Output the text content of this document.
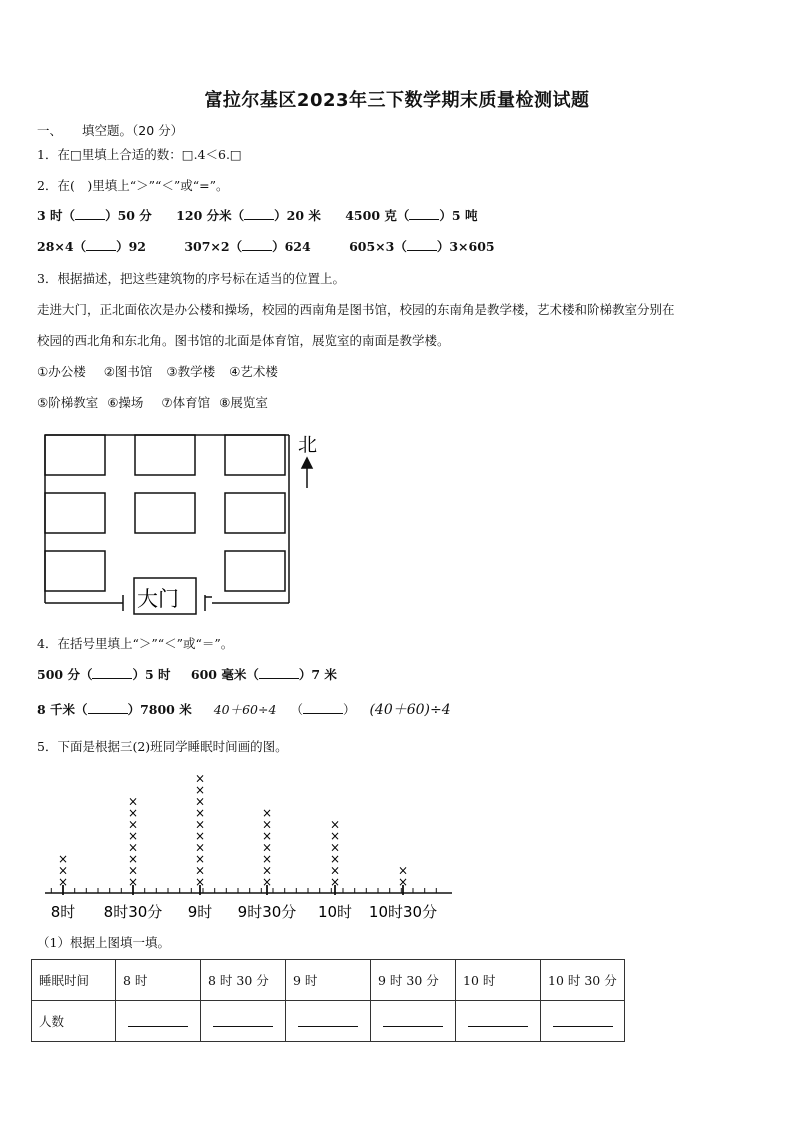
富拉尔基区2023年三下数学期末质量检测试题
一、 填空题。（20 分）
1．在□里填上合适的数：□.4＜6.□
2．在(　)里填上“＞”“＜”或“=”。
3 时（ ）50 分 120 分米（ ）20 米 4500 克（ ）5 吨
28×4（ ）92	307×2（ ）624	605×3（ ）3×605
3．根据描述，把这些建筑物的序号标在适当的位置上。
走进大门，正北面依次是办公楼和操场，校园的西南角是图书馆，校园的东南角是教学楼，艺术楼和阶梯教室分别在
校园的西北角和东北角。图书馆的北面是体育馆，展览室的南面是教学楼。
①办公楼 ②图书馆 ③教学楼 ④艺术楼
⑤阶梯教室 ⑥操场 ⑦体育馆 ⑧展览室
北
大门
4．在括号里填上“＞”“＜”或“＝”。
500 分（	）5 时 600 毫米（	）7 米
8 千米（	）7800 米 40＋60÷4 （	） (40＋60)÷4
5．下面是根据三(2)班同学睡眠时间画的图。
8时
×
×
×
8时30分
×
×
×
×
×
×
×
×
9时
×
×
×
×
×
×
×
×
×
×
9时30分
×
×
×
×
×
×
×
10时
×
×
×
×
×
×
10时30分
×
×
（1）根据上图填一填。
睡眠时间	8 时	8 时 30 分	9 时	9 时 30 分	10 时	10 时 30 分
人数						
